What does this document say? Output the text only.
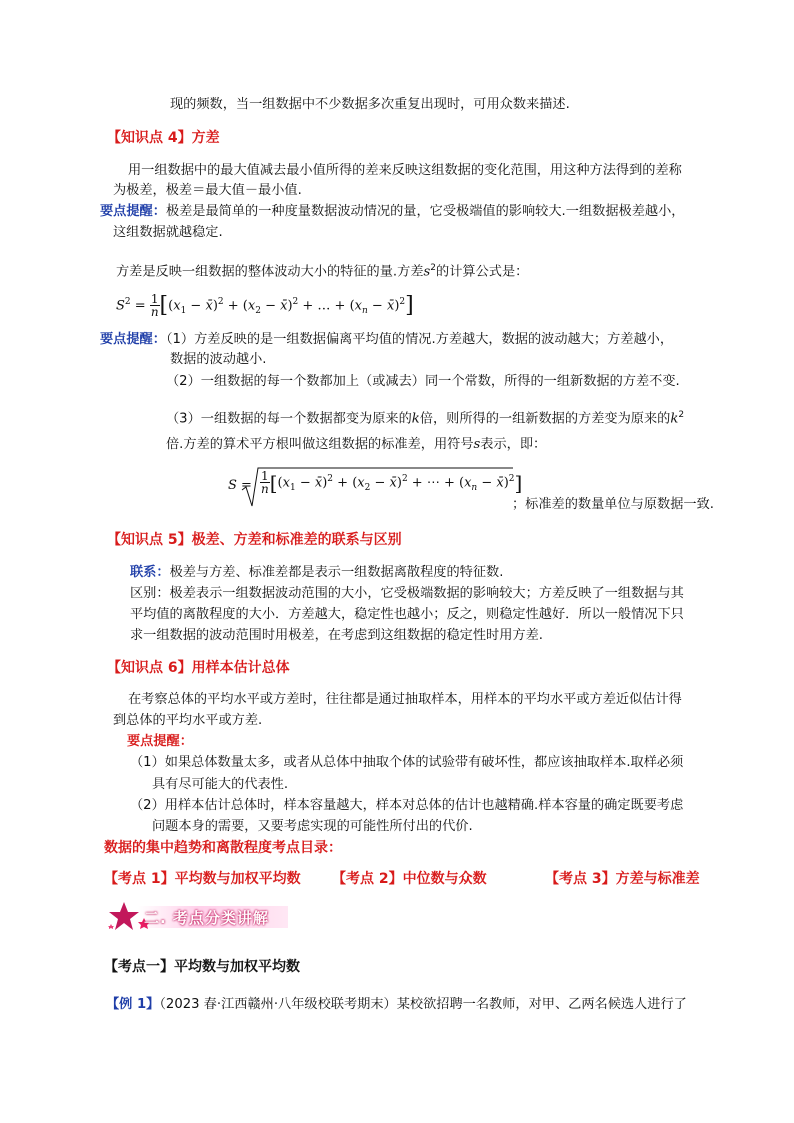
现的频数，当一组数据中不少数据多次重复出现时，可用众数来描述.
【知识点 4】方差
用一组数据中的最大值减去最小值所得的差来反映这组数据的变化范围，用这种方法得到的差称
为极差，极差＝最大值－最小值.
要点提醒：极差是最简单的一种度量数据波动情况的量，它受极端值的影响较大.一组数据极差越小，
这组数据就越稳定.
方差是反映一组数据的整体波动大小的特征的量.方差$s^2$的计算公式是：
$S^2 = \frac{1}{n} [(x_1$ − x̄)$^2$ + ($x_2$ − x̄)$^2$ + … + ($x_n$ − x̄)$^2$]
要点提醒：（1）方差反映的是一组数据偏离平均值的情况.方差越大，数据的波动越大；方差越小，
数据的波动越小.
（2）一组数据的每一个数都加上（或减去）同一个常数，所得的一组新数据的方差不变.
（3）一组数据的每一个数据都变为原来的k倍，则所得的一组新数据的方差变为原来的$k^2$
倍.方差的算术平方根叫做这组数据的标准差，用符号s表示，即：
$S = \frac{1}{n} [(x_1$ − x̄)$^2$ + ($x_2$ − x̄)$^2$ + ⋯ + ($x_n$ − x̄)$^2$]
；标准差的数量单位与原数据一致.
【知识点 5】极差、方差和标准差的联系与区别
联系：极差与方差、标准差都是表示一组数据离散程度的特征数.
区别：极差表示一组数据波动范围的大小，它受极端数据的影响较大；方差反映了一组数据与其
平均值的离散程度的大小．方差越大，稳定性也越小；反之，则稳定性越好．所以一般情况下只
求一组数据的波动范围时用极差，在考虑到这组数据的稳定性时用方差.
【知识点 6】用样本估计总体
在考察总体的平均水平或方差时，往往都是通过抽取样本，用样本的平均水平或方差近似估计得
到总体的平均水平或方差.
要点提醒：
（1）如果总体数量太多，或者从总体中抽取个体的试验带有破坏性，都应该抽取样本.取样必须
具有尽可能大的代表性.
（2）用样本估计总体时，样本容量越大，样本对总体的估计也越精确.样本容量的确定既要考虑
问题本身的需要，又要考虑实现的可能性所付出的代价.
数据的集中趋势和离散程度考点目录：
【考点 1】平均数与加权平均数 【考点 2】中位数与众数	【考点 3】方差与标准差
二. 考点分类讲解
【考点一】平均数与加权平均数
【例 1】（2023 春·江西赣州·八年级校联考期末）某校欲招聘一名教师，对甲、乙两名候选人进行了
